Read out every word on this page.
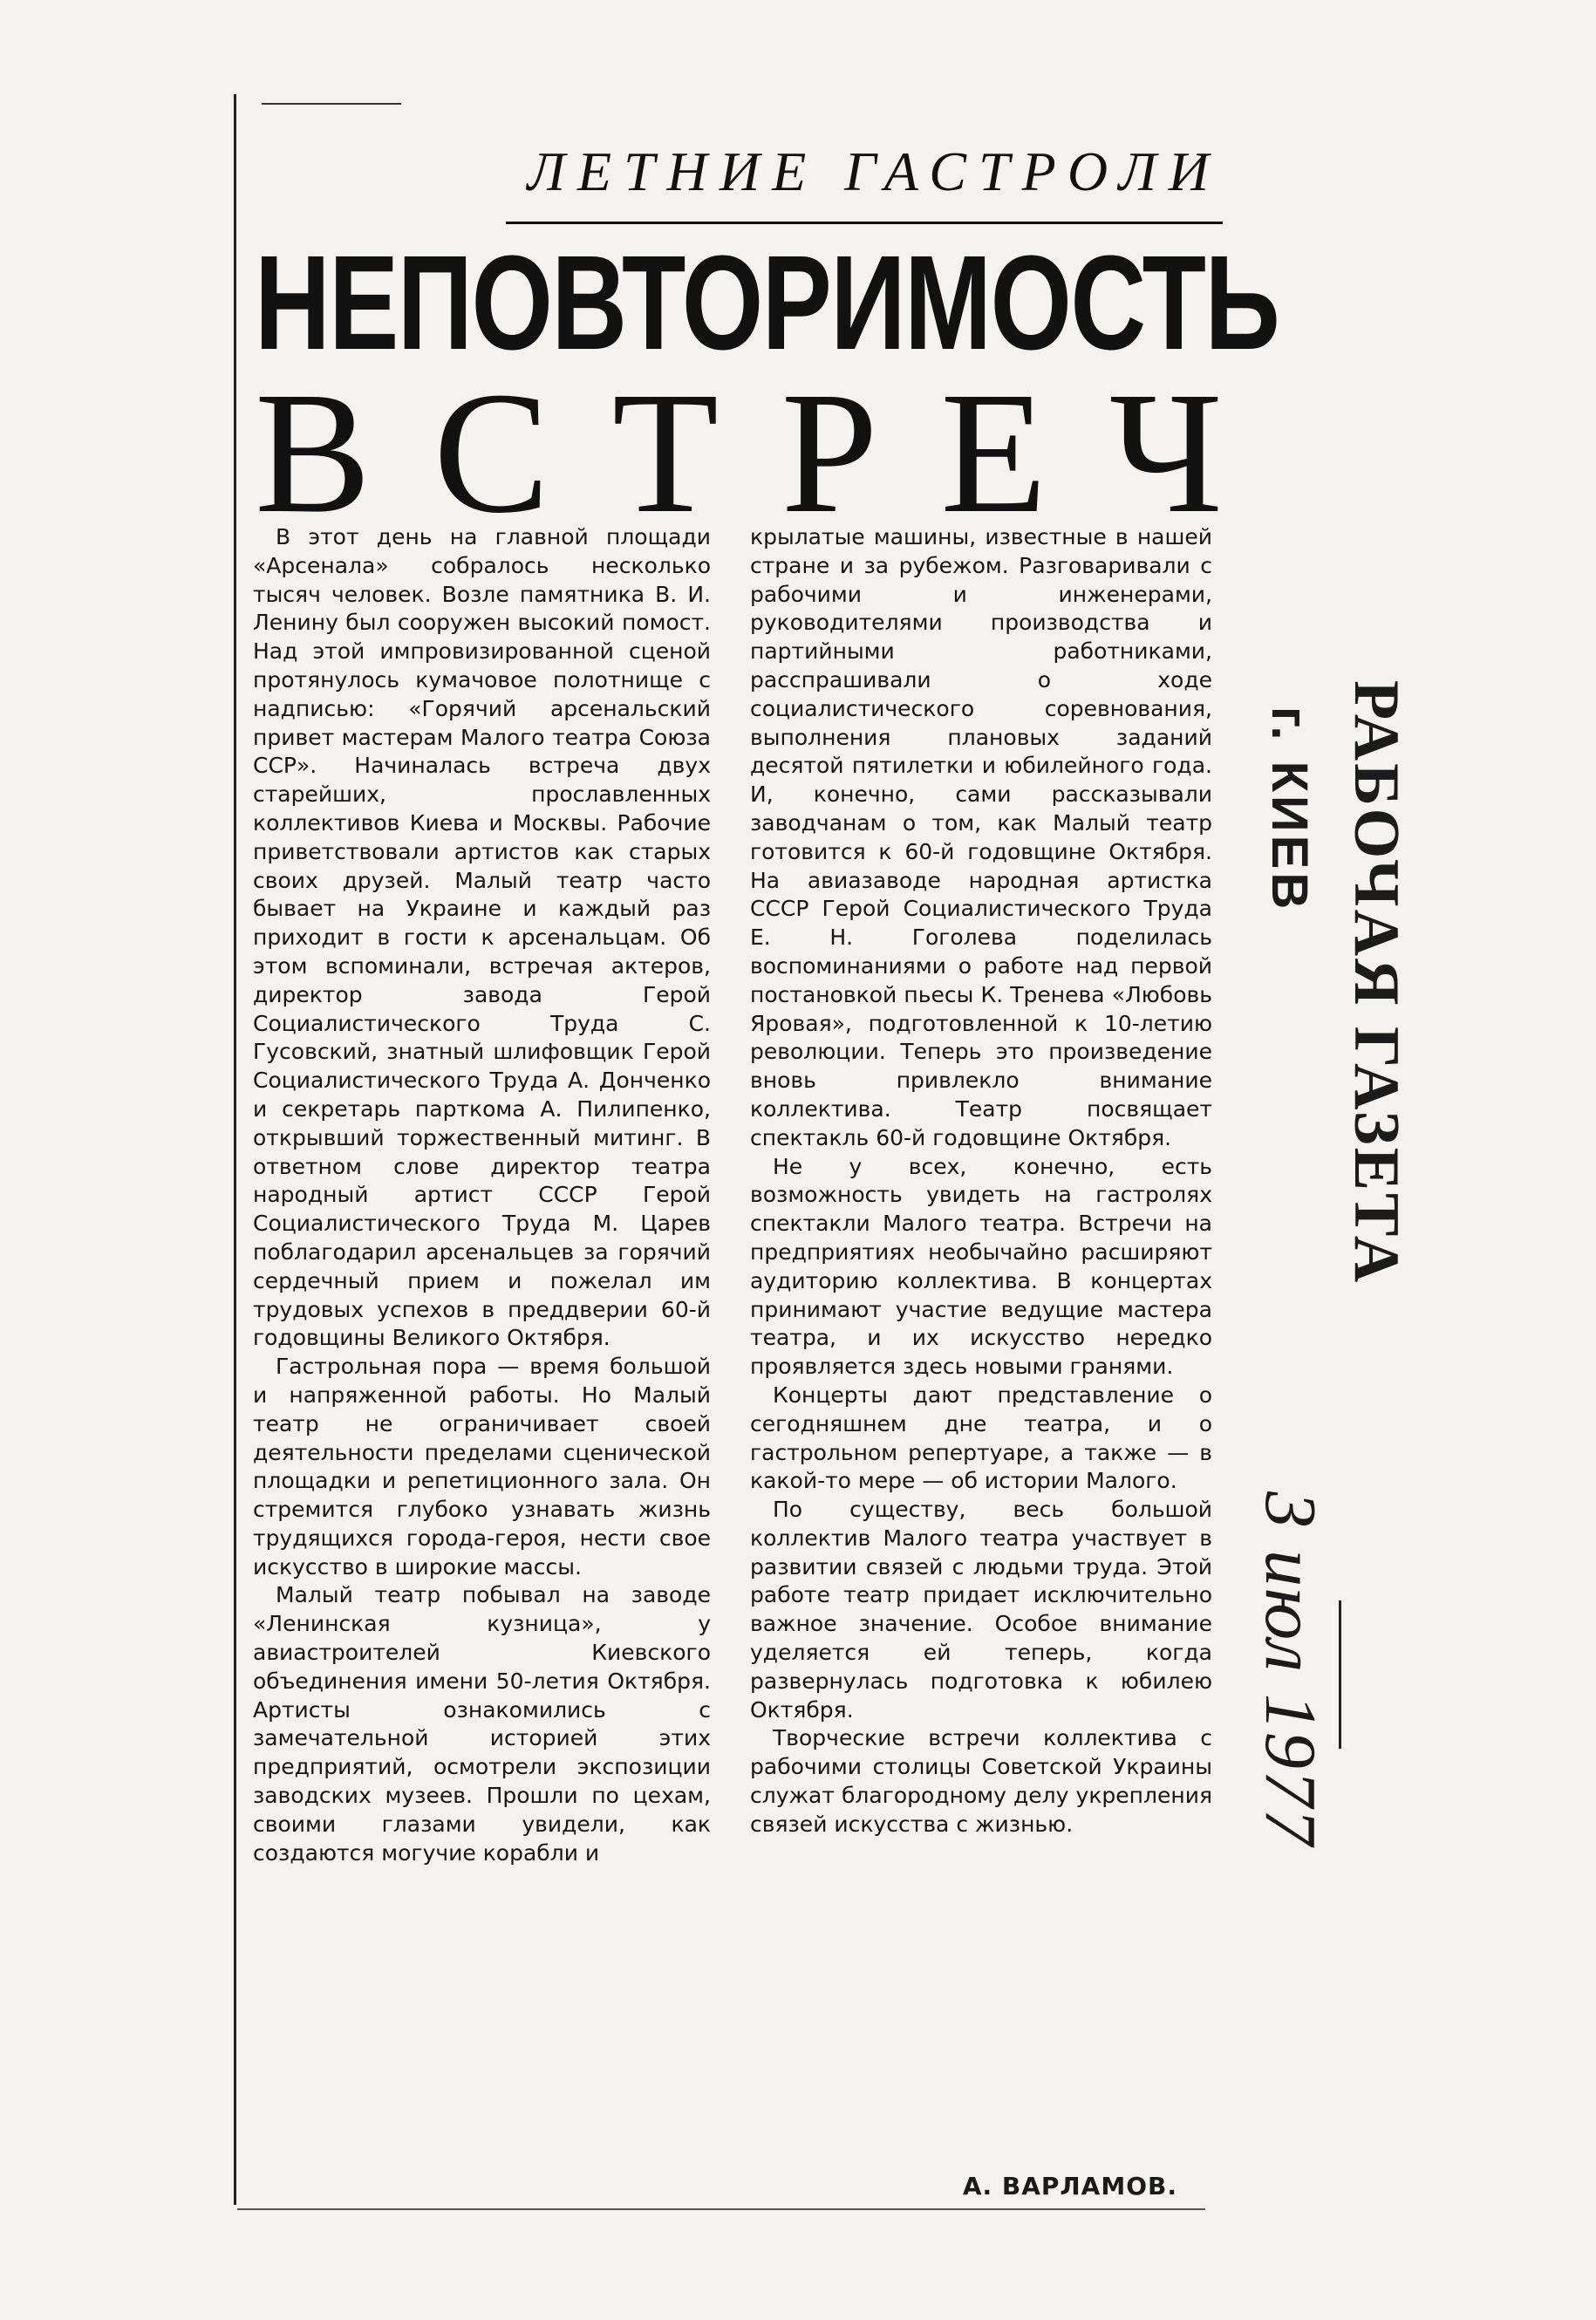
ЛЕТНИЕ ГАСТРОЛИ
НЕПОВТОРИМОСТЬ
В С Т Р Е Ч

В этот день на главной площади «Арсенала» собралось несколько тысяч человек. Возле памятника В. И. Ленину был сооружен высокий помост. Над этой импровизированной сценой протянулось кумачовое полотнище с надписью: «Горячий арсенальский привет мастерам Малого театра Союза ССР». Начиналась встреча двух старейших, прославленных коллективов Киева и Москвы. Рабочие приветствовали артистов как старых своих друзей. Малый театр часто бывает на Украине и каждый раз приходит в гости к арсенальцам. Об этом вспоминали, встречая актеров, директор завода Герой Социалистического Труда С. Гусовский, знатный шлифовщик Герой Социалистического Труда А. Донченко и секретарь парткома А. Пилипенко, открывший торжественный митинг. В ответном слове директор театра народный артист СССР Герой Социалистического Труда М. Царев поблагодарил арсенальцев за горячий сердечный прием и пожелал им трудовых успехов в преддверии 60-й годовщины Великого Октября.

Гастрольная пора — время большой и напряженной работы. Но Малый театр не ограничивает своей деятельности пределами сценической площадки и репетиционного зала. Он стремится глубоко узнавать жизнь трудящихся города-героя, нести свое искусство в широкие массы.

Малый театр побывал на заводе «Ленинская кузница», у авиастроителей Киевского объединения имени 50-летия Октября. Артисты ознакомились с замечательной историей этих предприятий, осмотрели экспозиции заводских музеев. Прошли по цехам, своими глазами увидели, как создаются могучие корабли и

крылатые машины, известные в нашей стране и за рубежом. Разговаривали с рабочими и инженерами, руководителями производства и партийными работниками, расспрашивали о ходе социалистического соревнования, выполнения плановых заданий десятой пятилетки и юбилейного года. И, конечно, сами рассказывали заводчанам о том, как Малый театр готовится к 60-й годовщине Октября. На авиазаводе народная артистка СССР Герой Социалистического Труда Е. Н. Гоголева поделилась воспоминаниями о работе над первой постановкой пьесы К. Тренева «Любовь Яровая», подготовленной к 10-летию революции. Теперь это произведение вновь привлекло внимание коллектива. Театр посвящает спектакль 60-й годовщине Октября.

Не у всех, конечно, есть возможность увидеть на гастролях спектакли Малого театра. Встречи на предприятиях необычайно расширяют аудиторию коллектива. В концертах принимают участие ведущие мастера театра, и их искусство нередко проявляется здесь новыми гранями.

Концерты дают представление о сегодняшнем дне театра, и о гастрольном репертуаре, а также — в какой-то мере — об истории Малого.

По существу, весь большой коллектив Малого театра участвует в развитии связей с людьми труда. Этой работе театр придает исключительно важное значение. Особое внимание уделяется ей теперь, когда развернулась подготовка к юбилею Октября.

Творческие встречи коллектива с рабочими столицы Советской Украины служат благородному делу укрепления связей искусства с жизнью.

А. ВАРЛАМОВ.
РАБОЧАЯ ГАЗЕТА
г. КИЕВ
3 июл 1977
